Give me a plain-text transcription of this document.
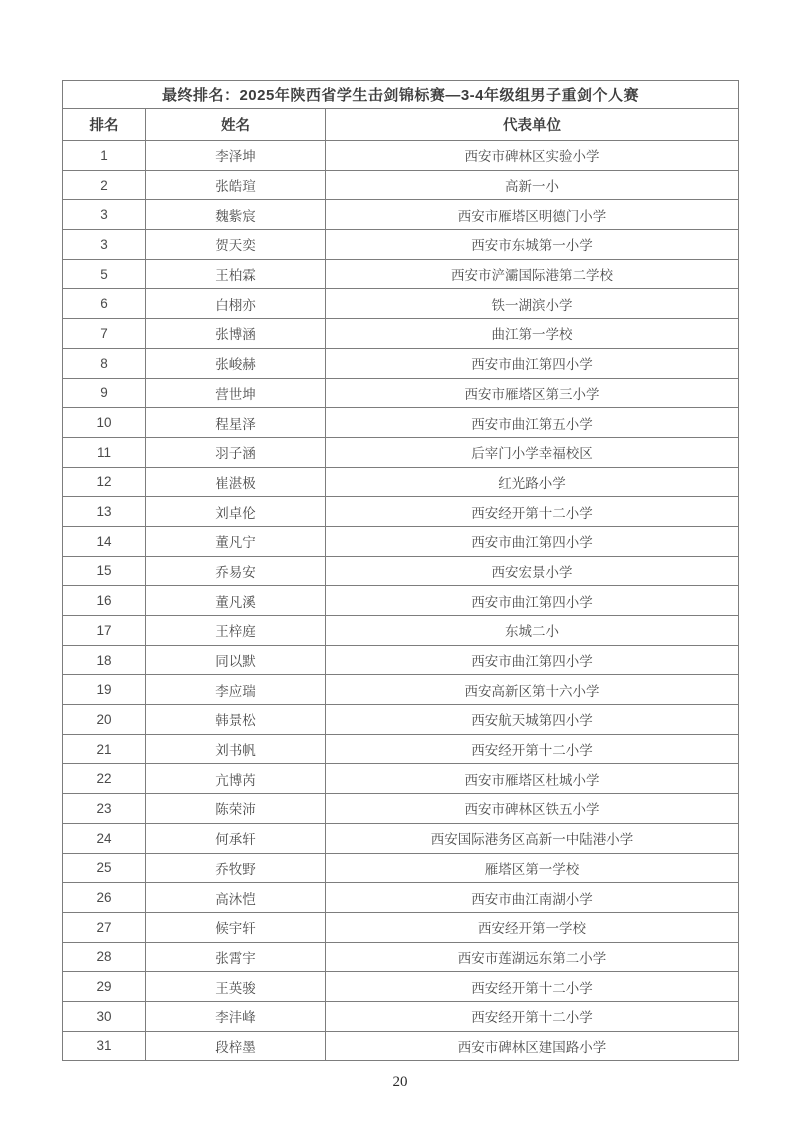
最终排名：2025年陕西省学生击剑锦标赛—3-4年级组男子重剑个人赛		
排名	姓名	代表单位
1	李泽坤	西安市碑林区实验小学
2	张皓瑄	高新一小
3	魏紫宸	西安市雁塔区明德门小学
3	贺天奕	西安市东城第一小学
5	王柏霖	西安市浐灞国际港第二学校
6	白栩亦	铁一湖滨小学
7	张博涵	曲江第一学校
8	张峻赫	西安市曲江第四小学
9	营世坤	西安市雁塔区第三小学
10	程星泽	西安市曲江第五小学
11	羽子涵	后宰门小学幸福校区
12	崔湛极	红光路小学
13	刘卓伦	西安经开第十二小学
14	董凡宁	西安市曲江第四小学
15	乔易安	西安宏景小学
16	董凡溪	西安市曲江第四小学
17	王梓庭	东城二小
18	同以默	西安市曲江第四小学
19	李应瑞	西安高新区第十六小学
20	韩景松	西安航天城第四小学
21	刘书帆	西安经开第十二小学
22	亢博芮	西安市雁塔区杜城小学
23	陈荣沛	西安市碑林区铁五小学
24	何承轩	西安国际港务区高新一中陆港小学
25	乔牧野	雁塔区第一学校
26	高沐恺	西安市曲江南湖小学
27	候宇轩	西安经开第一学校
28	张霄宇	西安市莲湖远东第二小学
29	王英骏	西安经开第十二小学
30	李沣峰	西安经开第十二小学
31	段梓墨	西安市碑林区建国路小学
20
